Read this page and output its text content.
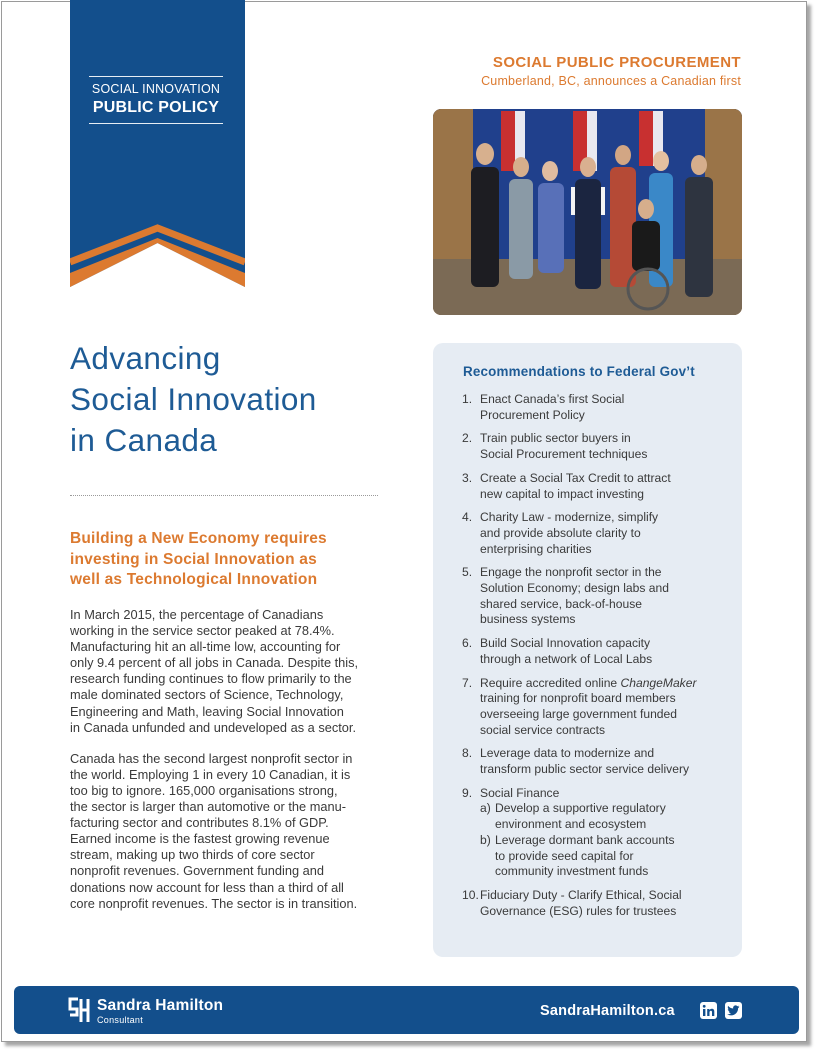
SOCIAL INNOVATION
PUBLIC POLICY
SOCIAL PUBLIC PROCUREMENT
Cumberland, BC, announces a Canadian first
Advancing
Social Innovation
in Canada
Building a New Economy requires
investing in Social Innovation as
well as Technological Innovation

In March 2015, the percentage of Canadians
working in the service sector peaked at 78.4%.
Manufacturing hit an all-time low, accounting for
only 9.4 percent of all jobs in Canada. Despite this,
research funding continues to flow primarily to the
male dominated sectors of Science, Technology,
Engineering and Math, leaving Social Innovation
in Canada unfunded and undeveloped as a sector.

Canada has the second largest nonprofit sector in
the world. Employing 1 in every 10 Canadian, it is
too big to ignore. 165,000 organisations strong,
the sector is larger than automotive or the manu-
facturing sector and contributes 8.1% of GDP.
Earned income is the fastest growing revenue
stream, making up two thirds of core sector
nonprofit revenues. Government funding and
donations now account for less than a third of all
core nonprofit revenues. The sector is in transition.

Recommendations to Federal Gov’t
1. Enact Canada’s first Social
Procurement Policy
2. Train public sector buyers in
Social Procurement techniques
3. Create a Social Tax Credit to attract
new capital to impact investing
4. Charity Law - modernize, simplify
and provide absolute clarity to
enterprising charities
5. Engage the nonprofit sector in the
Solution Economy; design labs and
shared service, back-of-house
business systems
6. Build Social Innovation capacity
through a network of Local Labs
7. Require accredited online ChangeMaker
training for nonprofit board members
overseeing large government funded
social service contracts
8. Leverage data to modernize and
transform public sector service delivery
9. Social Finance
a) Develop a supportive regulatory
environment and ecosystem
b) Leverage dormant bank accounts
to provide seed capital for
community investment funds
10. Fiduciary Duty - Clarify Ethical, Social
Governance (ESG) rules for trustees
Sandra Hamilton
Consultant
SandraHamilton.ca
